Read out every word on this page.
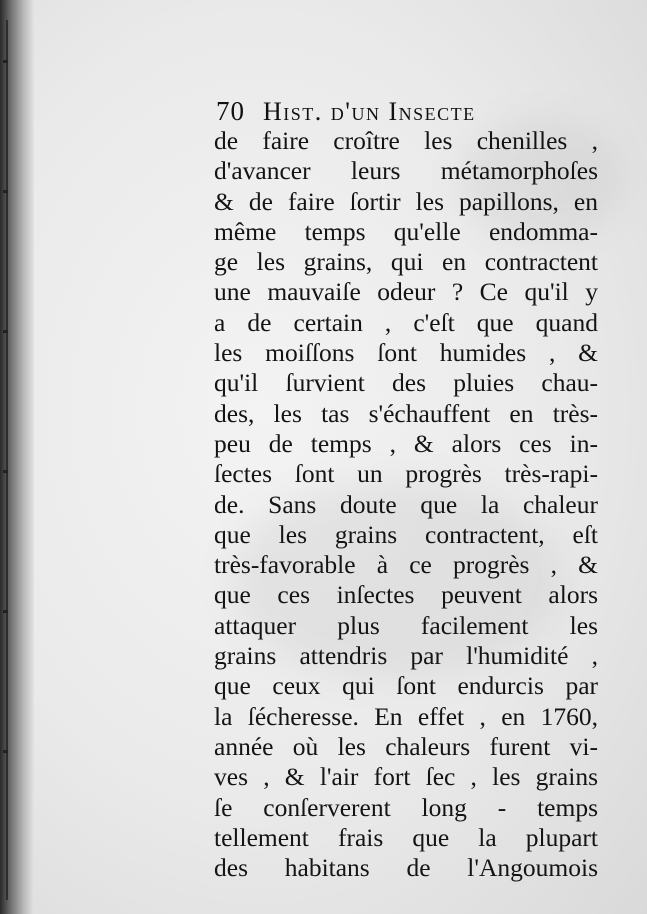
70 Hist. d'un Insecte
de faire croître les chenilles ,
d'avancer leurs métamorphoſes
& de faire ſortir les papillons, en
même temps qu'elle endomma-
ge les grains, qui en contractent
une mauvaiſe odeur ? Ce qu'il y
a de certain , c'eſt que quand
les moiſſons ſont humides , &
qu'il ſurvient des pluies chau-
des, les tas s'échauffent en très-
peu de temps , & alors ces in-
ſectes ſont un progrès très-rapi-
de. Sans doute que la chaleur
que les grains contractent, eſt
très-favorable à ce progrès , &
que ces inſectes peuvent alors
attaquer plus facilement les
grains attendris par l'humidité ,
que ceux qui ſont endurcis par
la ſécheresse. En effet , en 1760,
année où les chaleurs furent vi-
ves , & l'air fort ſec , les grains
ſe conſerverent long - temps
tellement frais que la plupart
des habitans de l'Angoumois
